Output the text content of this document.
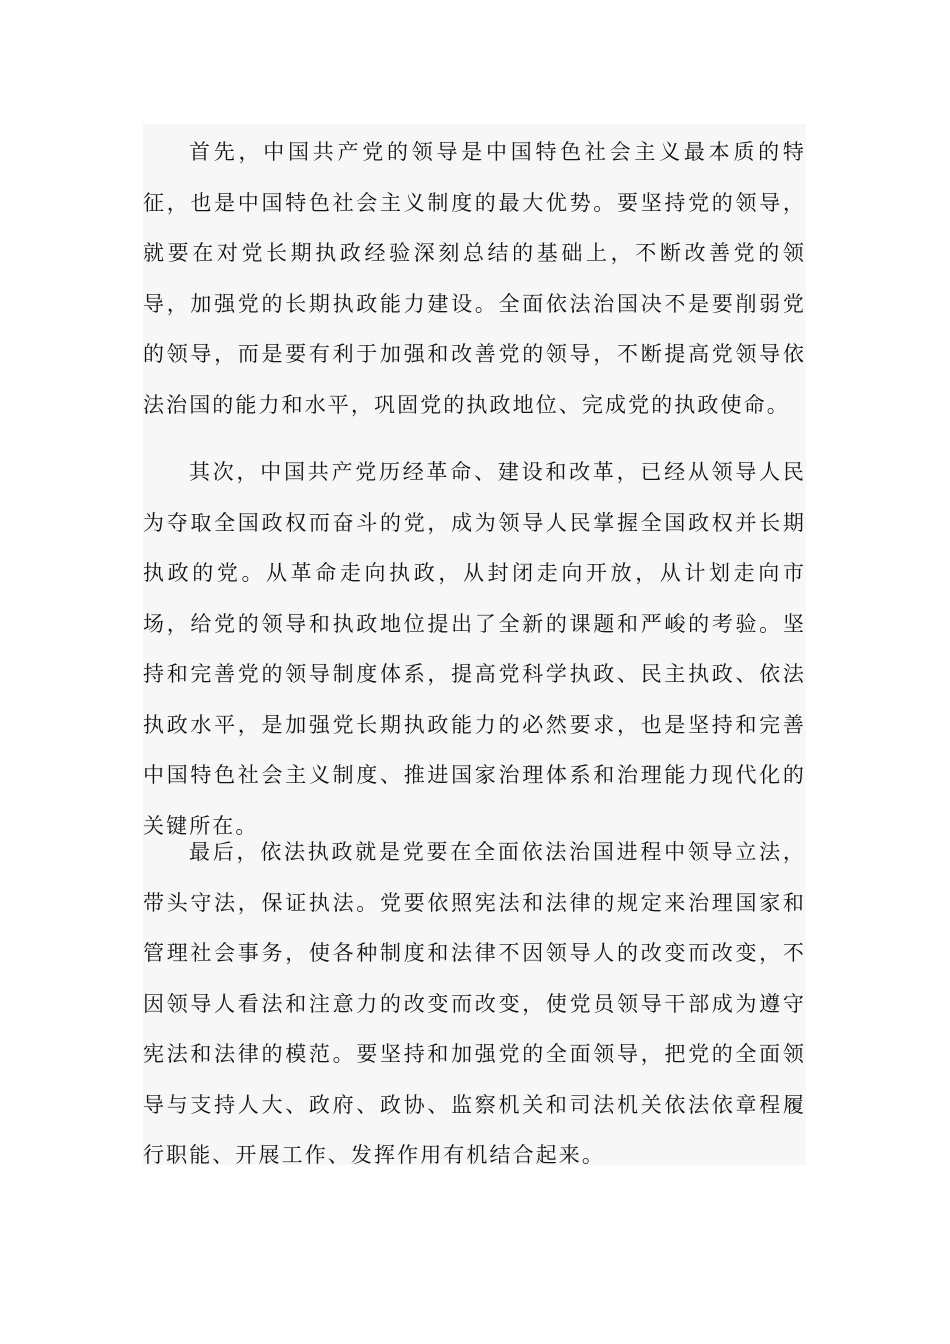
首先，中国共产党的领导是中国特色社会主义最本质的特征，也是中国特色社会主义制度的最大优势。要坚持党的领导，就要在对党长期执政经验深刻总结的基础上，不断改善党的领导，加强党的长期执政能力建设。全面依法治国决不是要削弱党的领导，而是要有利于加强和改善党的领导，不断提高党领导依法治国的能力和水平，巩固党的执政地位、完成党的执政使命。

其次，中国共产党历经革命、建设和改革，已经从领导人民为夺取全国政权而奋斗的党，成为领导人民掌握全国政权并长期执政的党。从革命走向执政，从封闭走向开放，从计划走向市场，给党的领导和执政地位提出了全新的课题和严峻的考验。坚持和完善党的领导制度体系，提高党科学执政、民主执政、依法执政水平，是加强党长期执政能力的必然要求，也是坚持和完善中国特色社会主义制度、推进国家治理体系和治理能力现代化的关键所在。

最后，依法执政就是党要在全面依法治国进程中领导立法，带头守法，保证执法。党要依照宪法和法律的规定来治理国家和管理社会事务，使各种制度和法律不因领导人的改变而改变，不因领导人看法和注意力的改变而改变，使党员领导干部成为遵守宪法和法律的模范。要坚持和加强党的全面领导，把党的全面领导与支持人大、政府、政协、监察机关和司法机关依法依章程履行职能、开展工作、发挥作用有机结合起来。
